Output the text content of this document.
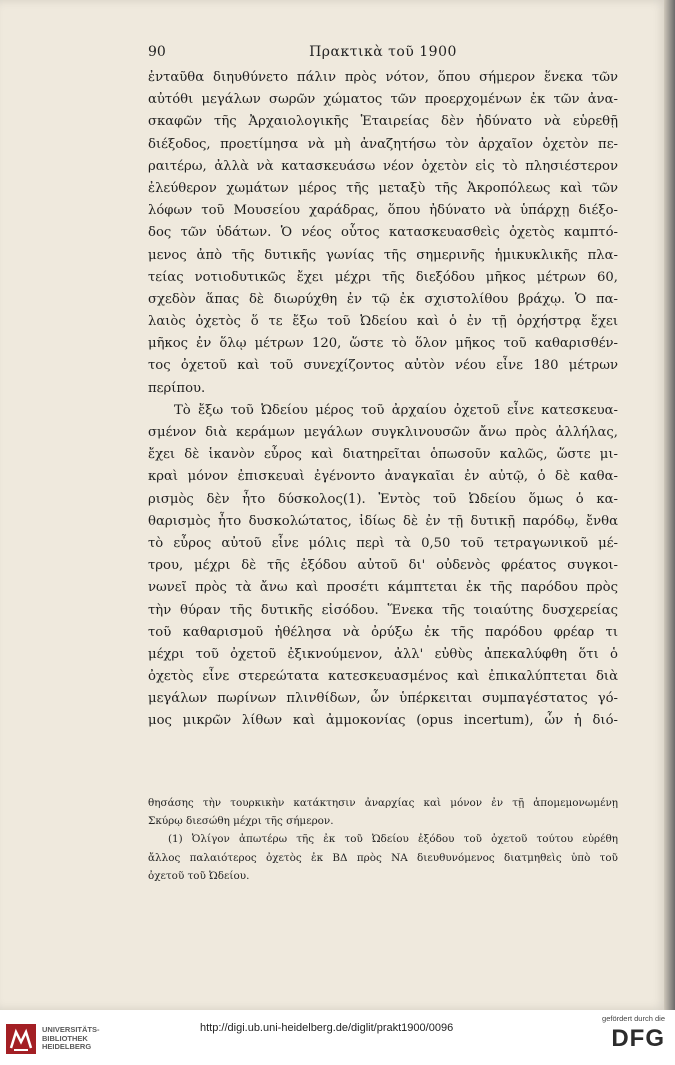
90	Πρακτικὰ τοῦ 1900
ἐνταῦθα διηυθύνετο πάλιν πρὸς νότον, ὅπου σήμερον ἕνεκα τῶν
αὐτόθι μεγάλων σωρῶν χώματος τῶν προερχομένων ἐκ τῶν ἀνα-
σκαφῶν τῆς Ἀρχαιολογικῆς Ἑταιρείας δὲν ἠδύνατο νὰ εὑρεθῇ
διέξοδος, προετίμησα νὰ μὴ ἀναζητήσω τὸν ἀρχαῖον ὀχετὸν πε-
ραιτέρω, ἀλλὰ νὰ κατασκευάσω νέον ὀχετὸν εἰς τὸ πλησιέστερον
ἐλεύθερον χωμάτων μέρος τῆς μεταξὺ τῆς Ἀκροπόλεως καὶ τῶν
λόφων τοῦ Μουσείου χαράδρας, ὅπου ἠδύνατο νὰ ὑπάρχῃ διέξο-
δος τῶν ὑδάτων. Ὁ νέος οὗτος κατασκευασθεὶς ὀχετὸς καμπτό-
μενος ἀπὸ τῆς δυτικῆς γωνίας τῆς σημερινῆς ἡμικυκλικῆς πλα-
τείας νοτιοδυτικῶς ἔχει μέχρι τῆς διεξόδου μῆκος μέτρων 60,
σχεδὸν ἅπας δὲ διωρύχθη ἐν τῷ ἐκ σχιστολίθου βράχῳ. Ὁ πα-
λαιὸς ὀχετὸς ὅ τε ἔξω τοῦ Ὠδείου καὶ ὁ ἐν τῇ ὀρχήστρᾳ ἔχει
μῆκος ἐν ὅλῳ μέτρων 120, ὥστε τὸ ὅλον μῆκος τοῦ καθαρισθέν-
τος ὀχετοῦ καὶ τοῦ συνεχίζοντος αὐτὸν νέου εἶνε 180 μέτρων
περίπου.
Τὸ ἔξω τοῦ Ὠδείου μέρος τοῦ ἀρχαίου ὀχετοῦ εἶνε κατεσκευα-
σμένον διὰ κεράμων μεγάλων συγκλινουσῶν ἄνω πρὸς ἀλλήλας,
ἔχει δὲ ἱκανὸν εὖρος καὶ διατηρεῖται ὁπωσοῦν καλῶς, ὥστε μι-
κραὶ μόνον ἐπισκευαὶ ἐγένοντο ἀναγκαῖαι ἐν αὐτῷ, ὁ δὲ καθα-
ρισμὸς δὲν ἦτο δύσκολος(1). Ἐντὸς τοῦ Ὠδείου ὅμως ὁ κα-
θαρισμὸς ἦτο δυσκολώτατος, ἰδίως δὲ ἐν τῇ δυτικῇ παρόδῳ, ἔνθα
τὸ εὖρος αὐτοῦ εἶνε μόλις περὶ τὰ 0,50 τοῦ τετραγωνικοῦ μέ-
τρου, μέχρι δὲ τῆς ἐξόδου αὐτοῦ δι' οὐδενὸς φρέατος συγκοι-
νωνεῖ πρὸς τὰ ἄνω καὶ προσέτι κάμπτεται ἐκ τῆς παρόδου πρὸς
τὴν θύραν τῆς δυτικῆς εἰσόδου. Ἕνεκα τῆς τοιαύτης δυσχερείας
τοῦ καθαρισμοῦ ἠθέλησα νὰ ὀρύξω ἐκ τῆς παρόδου φρέαρ τι
μέχρι τοῦ ὀχετοῦ ἐξικνούμενον, ἀλλ' εὐθὺς ἀπεκαλύφθη ὅτι ὁ
ὀχετὸς εἶνε στερεώτατα κατεσκευασμένος καὶ ἐπικαλύπτεται διὰ
μεγάλων πωρίνων πλινθίδων, ὧν ὑπέρκειται συμπαγέστατος γό-
μος μικρῶν λίθων καὶ ἀμμοκονίας (opus incertum), ὧν ἡ διό-
θησάσης τὴν τουρκικὴν κατάκτησιν ἀναρχίας καὶ μόνον ἐν τῇ ἀπομεμονωμένῃ
Σκύρῳ διεσώθη μέχρι τῆς σήμερον.
(1) Ὀλίγον ἀπωτέρω τῆς ἐκ τοῦ Ὠδείου ἐξόδου τοῦ ὀχετοῦ τούτου εὑρέθη
ἄλλος παλαιότερος ὀχετὸς ἐκ ΒΔ πρὸς ΝΑ διευθυνόμενος διατμηθεὶς ὑπὸ τοῦ
ὀχετοῦ τοῦ Ὠδείου.
UNIVERSITÄTS-
BIBLIOTHEK
HEIDELBERG
http://digi.ub.uni-heidelberg.de/diglit/prakt1900/0096
gefördert durch die
DFG
